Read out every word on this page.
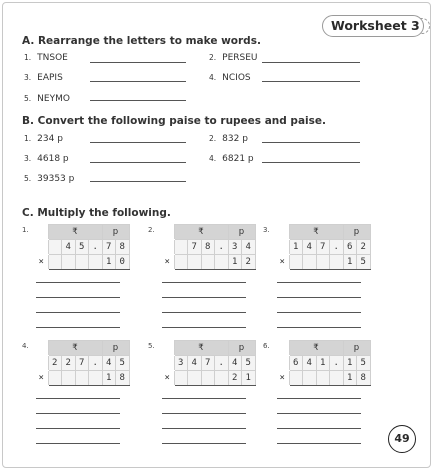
Worksheet 3
A. Rearrange the letters to make words.
1. TNSOE	2. PERSEU
3. EAPIS	4. NCIOS
5. NEYMO
B. Convert the following paise to rupees and paise.
1. 234 p	2. 832 p
3. 4618 p	4. 6821 p
5. 39353 p
C. Multiply the following.
1.
		₹				p	
		4	5	.	7	8
×					1	0
2.
		₹				p	
		7	8	.	3	4
×					1	2
3.
		₹				p	
	1	4	7	.	6	2
×					1	5
4.
		₹				p	
	2	2	7	.	4	5
×					1	8
5.
		₹				p	
	3	4	7	.	4	5
×					2	1
6.
		₹				p	
	6	4	1	.	1	5
×					1	8
49
